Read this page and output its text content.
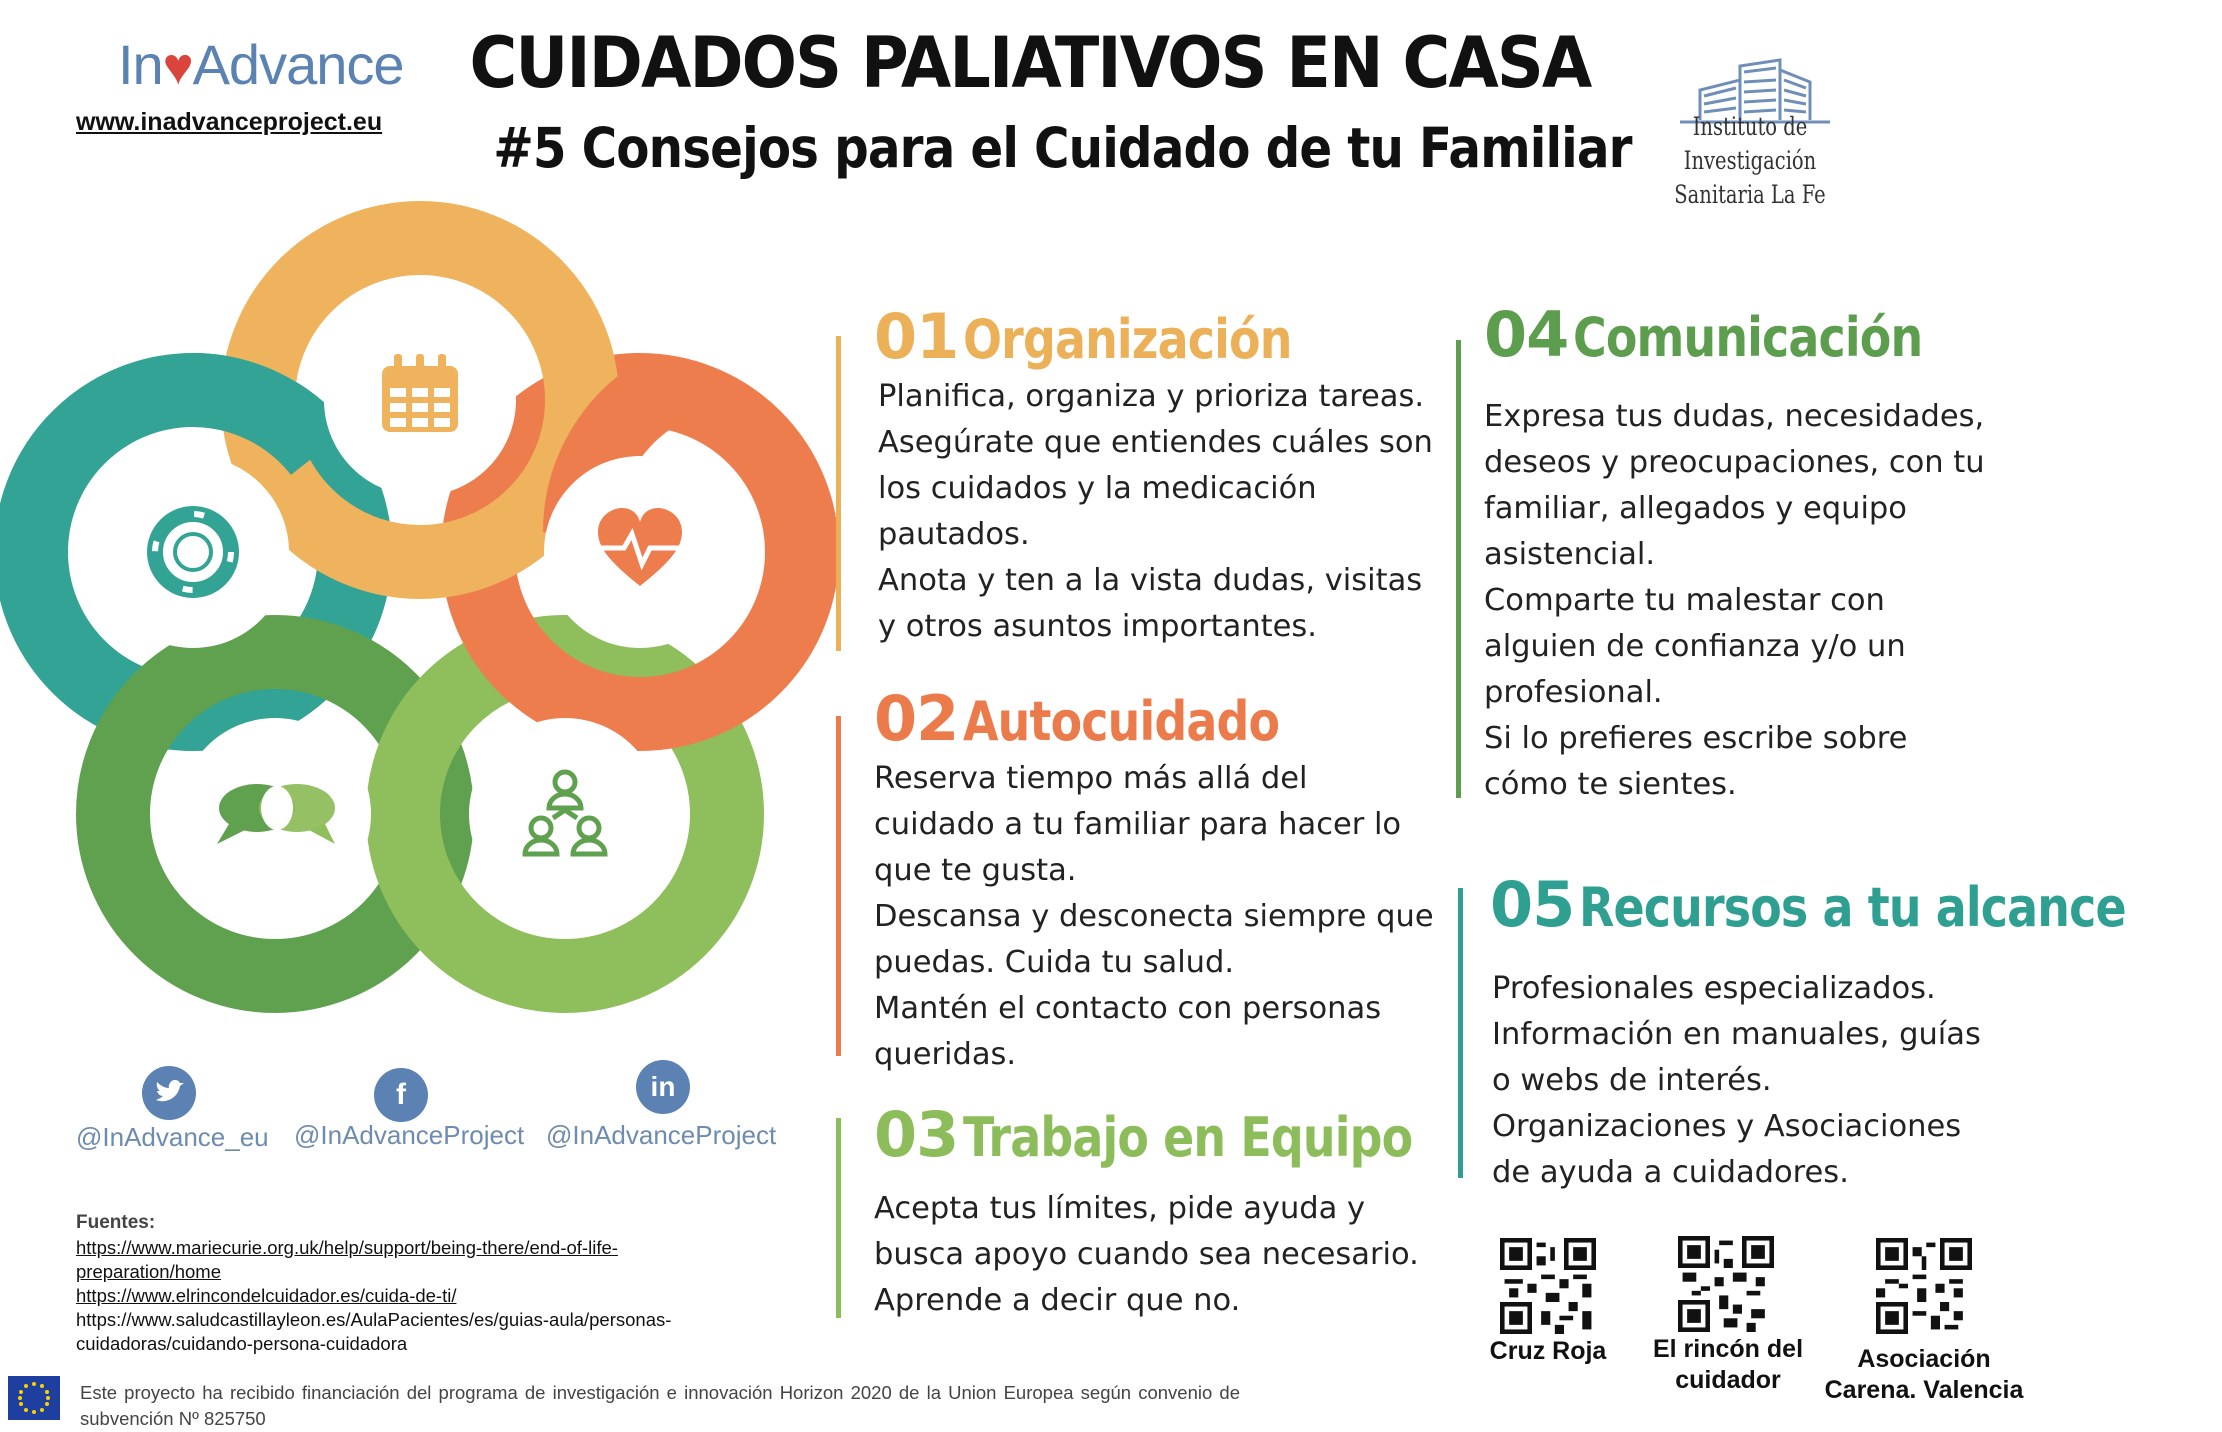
In♥Advance
www.inadvanceproject.eu
CUIDADOS PALIATIVOS EN CASA
#5 Consejos para el Cuidado de tu Familiar	Instituto de Investigación
Sanitaria La Fe
01 Organización
Planifica, organiza y prioriza tareas.
Asegúrate que entiendes cuáles son
los cuidados y la medicación
pautados.
Anota y ten a la vista dudas, visitas
y otros asuntos importantes.
02 Autocuidado
Reserva tiempo más allá del
cuidado a tu familiar para hacer lo
que te gusta.
Descansa y desconecta siempre que
puedas. Cuida tu salud.
Mantén el contacto con personas
queridas.
03 Trabajo en Equipo
Acepta tus límites, pide ayuda y
busca apoyo cuando sea necesario.
Aprende a decir que no.
04 Comunicación
Expresa tus dudas, necesidades,
deseos y preocupaciones, con tu
familiar, allegados y equipo
asistencial.
Comparte tu malestar con
alguien de confianza y/o un
profesional.
Si lo prefieres escribe sobre
cómo te sientes.
05 Recursos a tu alcance
Profesionales especializados.
Información en manuales, guías
o webs de interés.
Organizaciones y Asociaciones
de ayuda a cuidadores.
@InAdvance_eu
f
@InAdvanceProject
in
@InAdvanceProject
Fuentes:
https://www.mariecurie.org.uk/help/support/being-there/end-of-life-
preparation/home
https://www.elrincondelcuidador.es/cuida-de-ti/
https://www.saludcastillayleon.es/AulaPacientes/es/guias-aula/personas-
cuidadoras/cuidando-persona-cuidadora
Este proyecto ha recibido financiación del programa de investigación e innovación Horizon 2020 de la Union Europea según convenio de subvención Nº 825750
Cruz Roja	El rincón del
cuidador
Asociación
Carena. Valencia
